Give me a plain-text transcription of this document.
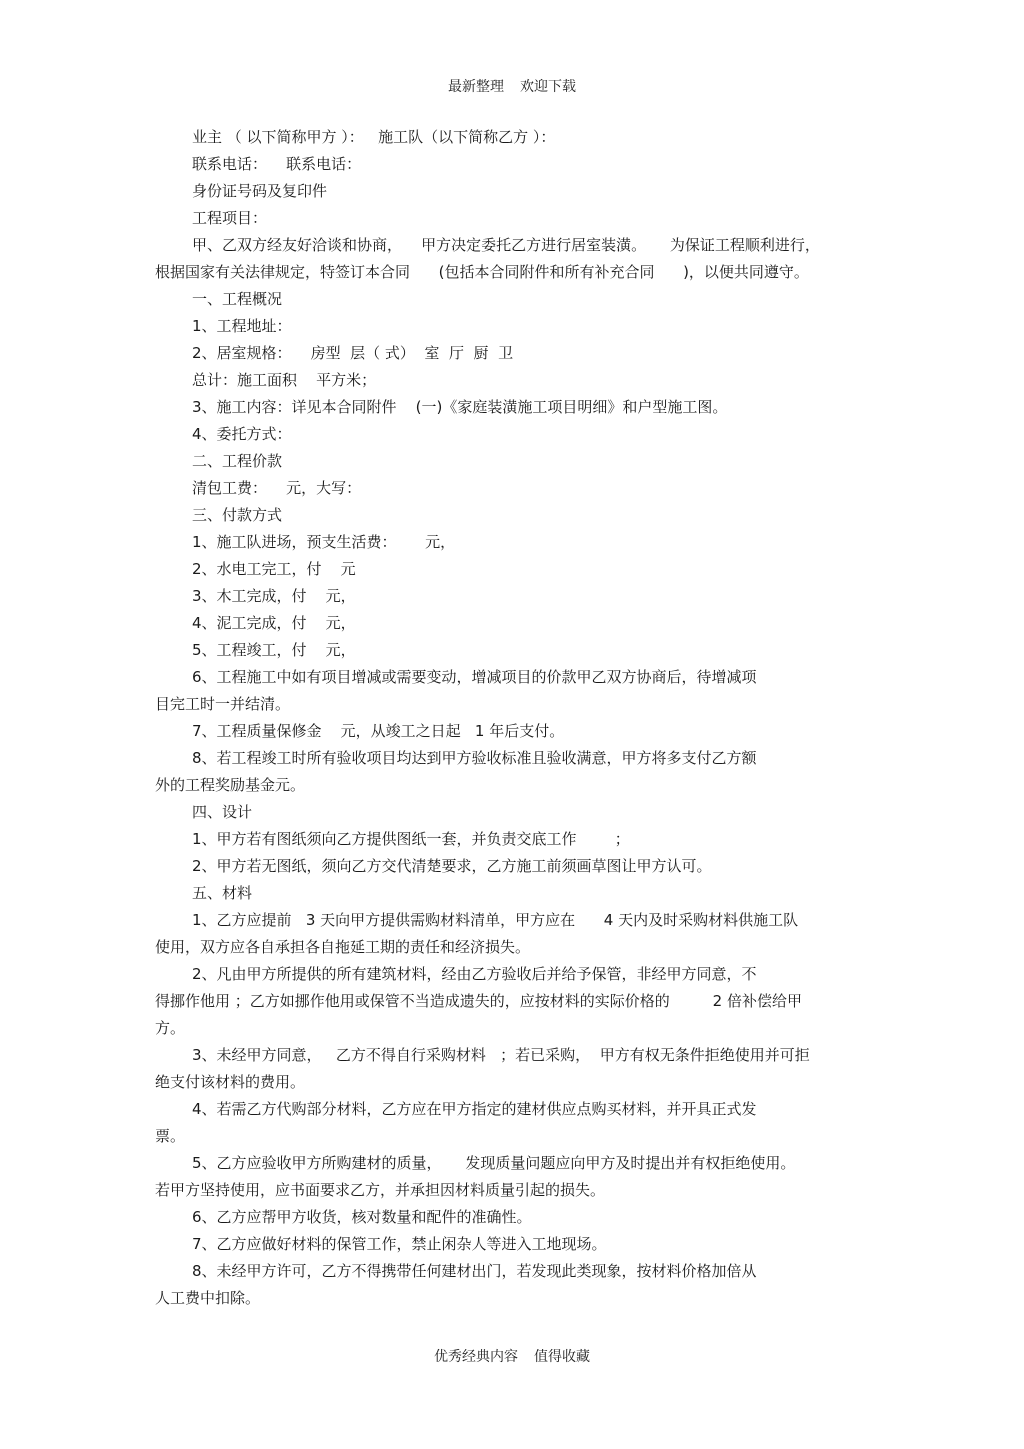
最新整理 欢迎下载
业主 （ 以下简称甲方 ）：   施工队（以下简称乙方 ）：
联系电话：    联系电话：
身份证号码及复印件
工程项目：
甲、乙双方经友好洽谈和协商，    甲方决定委托乙方进行居室装潢。     为保证工程顺利进行，
根据国家有关法律规定，特签订本合同      (包括本合同附件和所有补充合同      )，以便共同遵守。
一、工程概况
1、工程地址：
2、居室规格：    房型  层（ 式）  室  厅  厨  卫
总计：施工面积    平方米；
3、施工内容：详见本合同附件    (一)《家庭装潢施工项目明细》和户型施工图。
4、委托方式：
二、工程价款
清包工费：    元，大写：
三、付款方式
1、施工队进场，预支生活费：      元，
2、水电工完工，付    元
3、木工完成，付    元，
4、泥工完成，付    元，
5、工程竣工，付    元，
6、工程施工中如有项目增减或需要变动，增减项目的价款甲乙双方协商后，待增减项
目完工时一并结清。
7、工程质量保修金    元，从竣工之日起   1 年后支付。
8、若工程竣工时所有验收项目均达到甲方验收标准且验收满意，甲方将多支付乙方额
外的工程奖励基金元。
四、设计
1、甲方若有图纸须向乙方提供图纸一套，并负责交底工作        ；
2、甲方若无图纸，须向乙方交代清楚要求，乙方施工前须画草图让甲方认可。
五、材料
1、乙方应提前   3 天向甲方提供需购材料清单，甲方应在      4 天内及时采购材料供施工队
使用，双方应各自承担各自拖延工期的责任和经济损失。
2、凡由甲方所提供的所有建筑材料，经由乙方验收后并给予保管，非经甲方同意，不
得挪作他用 ；乙方如挪作他用或保管不当造成遗失的，应按材料的实际价格的         2 倍补偿给甲
方。
3、未经甲方同意，   乙方不得自行采购材料   ；若已采购，  甲方有权无条件拒绝使用并可拒
绝支付该材料的费用。
4、若需乙方代购部分材料，乙方应在甲方指定的建材供应点购买材料，并开具正式发
票。
5、乙方应验收甲方所购建材的质量，     发现质量问题应向甲方及时提出并有权拒绝使用。
若甲方坚持使用，应书面要求乙方，并承担因材料质量引起的损失。
6、乙方应帮甲方收货，核对数量和配件的准确性。
7、乙方应做好材料的保管工作，禁止闲杂人等进入工地现场。
8、未经甲方许可，乙方不得携带任何建材出门，若发现此类现象，按材料价格加倍从
人工费中扣除。
优秀经典内容 值得收藏
